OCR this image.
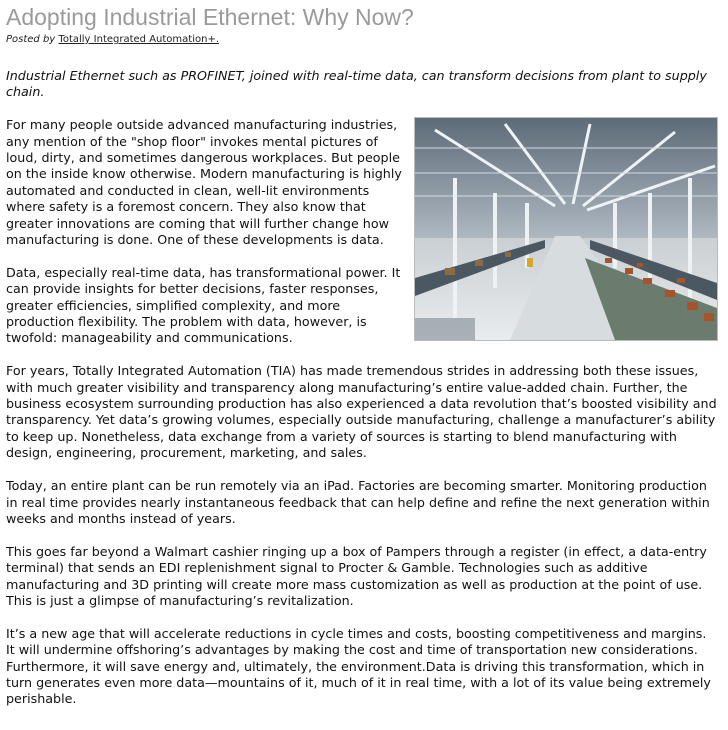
Adopting Industrial Ethernet: Why Now?
Posted by Totally Integrated Automation+.

Industrial Ethernet such as PROFINET, joined with real-time data, can transform decisions from plant to supply chain.

For many people outside advanced manufacturing industries, any mention of the "shop floor" invokes mental pictures of loud, dirty, and sometimes dangerous workplaces. But people on the inside know otherwise. Modern manufacturing is highly automated and conducted in clean, well-lit environments where safety is a foremost concern. They also know that greater innovations are coming that will further change how manufacturing is done. One of these developments is data.

Data, especially real-time data, has transformational power. It can provide insights for better decisions, faster responses, greater efficiencies, simplified complexity, and more production flexibility. The problem with data, however, is twofold: manageability and communications.

For years, Totally Integrated Automation (TIA) has made tremendous strides in addressing both these issues, with much greater visibility and transparency along manufacturing’s entire value-added chain. Further, the business ecosystem surrounding production has also experienced a data revolution that’s boosted visibility and transparency. Yet data’s growing volumes, especially outside manufacturing, challenge a manufacturer’s ability to keep up. Nonetheless, data exchange from a variety of sources is starting to blend manufacturing with design, engineering, procurement, marketing, and sales.

Today, an entire plant can be run remotely via an iPad. Factories are becoming smarter. Monitoring production in real time provides nearly instantaneous feedback that can help define and refine the next generation within weeks and months instead of years.

This goes far beyond a Walmart cashier ringing up a box of Pampers through a register (in effect, a data-entry terminal) that sends an EDI replenishment signal to Procter & Gamble. Technologies such as additive manufacturing and 3D printing will create more mass customization as well as production at the point of use. This is just a glimpse of manufacturing’s revitalization.

It’s a new age that will accelerate reductions in cycle times and costs, boosting competitiveness and margins. It will undermine offshoring’s advantages by making the cost and time of transportation new considerations. Furthermore, it will save energy and, ultimately, the environment.Data is driving this transformation, which in turn generates even more data—mountains of it, much of it in real time, with a lot of its value being extremely perishable.
